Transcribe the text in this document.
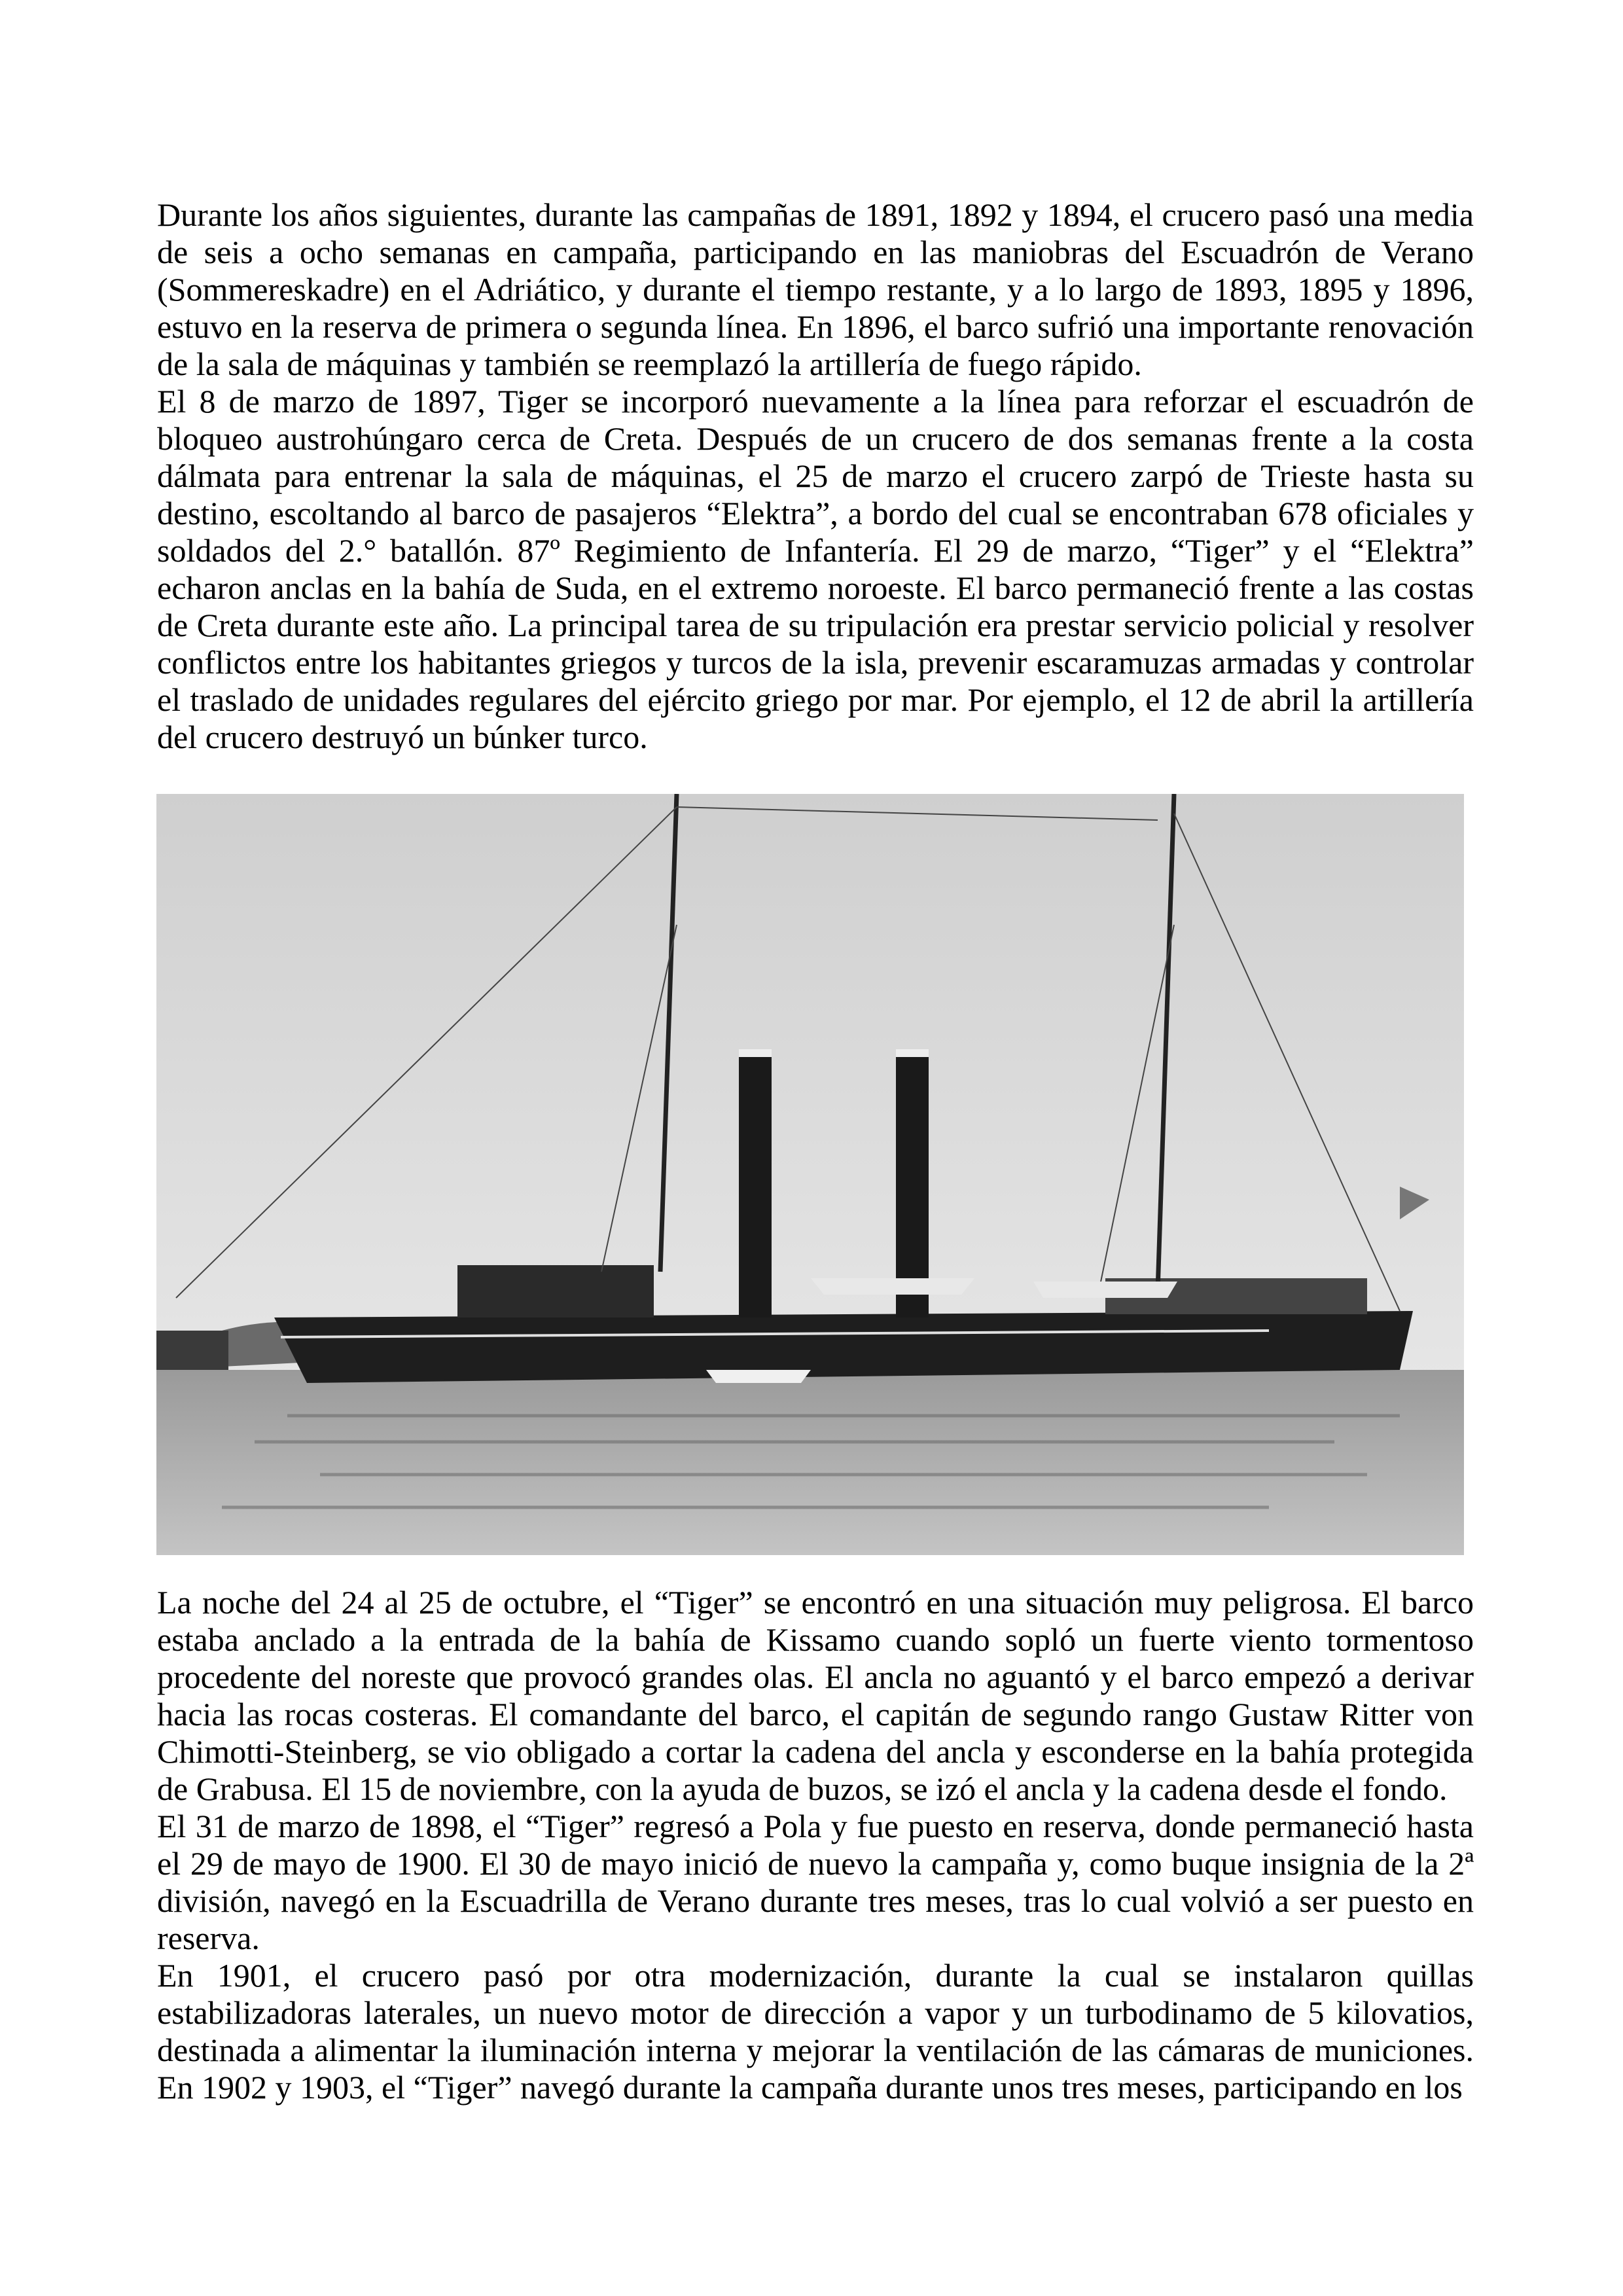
Durante los años siguientes, durante las campañas de 1891, 1892 y 1894, el crucero pasó una media de seis a ocho semanas en campaña, participando en las maniobras del Escuadrón de Verano (Sommereskadre) en el Adriático, y durante el tiempo restante, y a lo largo de 1893, 1895 y 1896, estuvo en la reserva de primera o segunda línea. En 1896, el barco sufrió una importante renovación de la sala de máquinas y también se reemplazó la artillería de fuego rápido.

El 8 de marzo de 1897, Tiger se incorporó nuevamente a la línea para reforzar el escuadrón de bloqueo austrohúngaro cerca de Creta. Después de un crucero de dos semanas frente a la costa dálmata para entrenar la sala de máquinas, el 25 de marzo el crucero zarpó de Trieste hasta su destino, escoltando al barco de pasajeros “Elektra”, a bordo del cual se encontraban 678 oficiales y soldados del 2.° batallón. 87º Regimiento de Infantería. El 29 de marzo, “Tiger” y el “Elektra” echaron anclas en la bahía de Suda, en el extremo noroeste. El barco permaneció frente a las costas de Creta durante este año. La principal tarea de su tripulación era prestar servicio policial y resolver conflictos entre los habitantes griegos y turcos de la isla, prevenir escaramuzas armadas y controlar el traslado de unidades regulares del ejército griego por mar. Por ejemplo, el 12 de abril la artillería del crucero destruyó un búnker turco.

La noche del 24 al 25 de octubre, el “Tiger” se encontró en una situación muy peligrosa. El barco estaba anclado a la entrada de la bahía de Kissamo cuando sopló un fuerte viento tormentoso procedente del noreste que provocó grandes olas. El ancla no aguantó y el barco empezó a derivar hacia las rocas costeras. El comandante del barco, el capitán de segundo rango Gustaw Ritter von Chimotti-Steinberg, se vio obligado a cortar la cadena del ancla y esconderse en la bahía protegida de Grabusa. El 15 de noviembre, con la ayuda de buzos, se izó el ancla y la cadena desde el fondo.

El 31 de marzo de 1898, el “Tiger” regresó a Pola y fue puesto en reserva, donde permaneció hasta el 29 de mayo de 1900. El 30 de mayo inició de nuevo la campaña y, como buque insignia de la 2ª división, navegó en la Escuadrilla de Verano durante tres meses, tras lo cual volvió a ser puesto en reserva.

En 1901, el crucero pasó por otra modernización, durante la cual se instalaron quillas estabilizadoras laterales, un nuevo motor de dirección a vapor y un turbodinamo de 5 kilovatios, destinada a alimentar la iluminación interna y mejorar la ventilación de las cámaras de municiones. En 1902 y 1903, el “Tiger” navegó durante la campaña durante unos tres meses, participando en los
